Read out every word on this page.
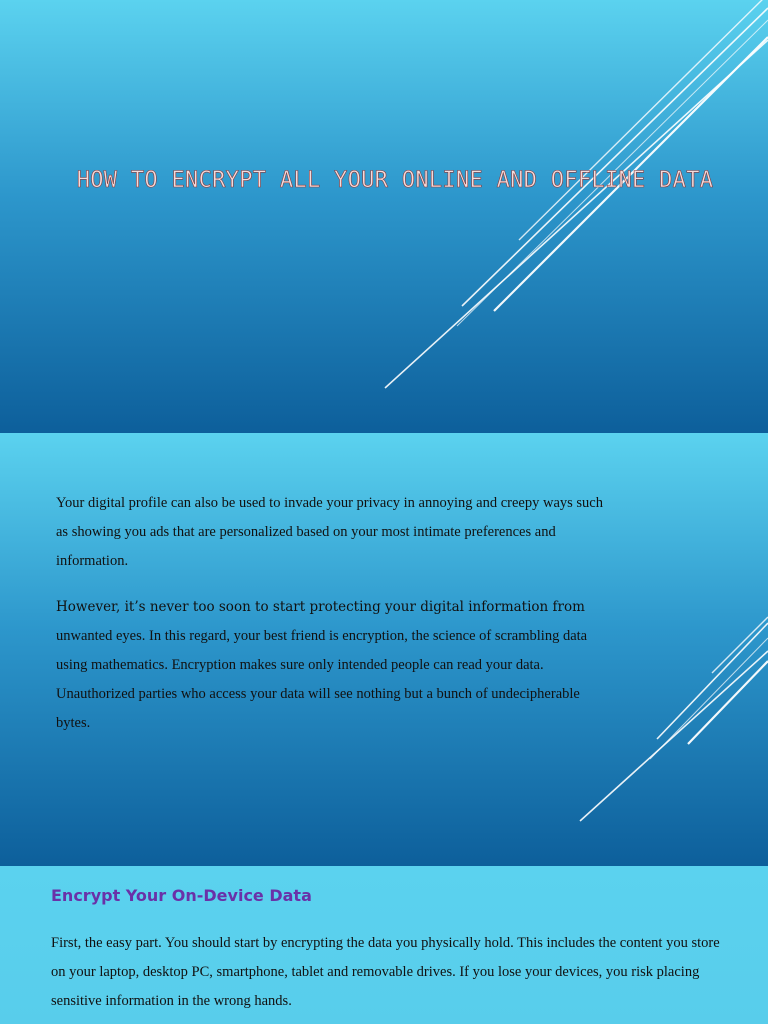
HOW TO ENCRYPT ALL YOUR ONLINE AND OFFLINE DATA

Your digital profile can also be used to invade your privacy in annoying and creepy ways such as showing you ads that are personalized based on your most intimate preferences and information.

However, it’s never too soon to start protecting your digital information from unwanted eyes. In this regard, your best friend is encryption, the science of scrambling data using mathematics. Encryption makes sure only intended people can read your data. Unauthorized parties who access your data will see nothing but a bunch of undecipherable bytes.

Encrypt Your On-Device Data

First, the easy part. You should start by encrypting the data you physically hold. This includes the content you store on your laptop, desktop PC, smartphone, tablet and removable drives. If you lose your devices, you risk placing sensitive information in the wrong hands.
